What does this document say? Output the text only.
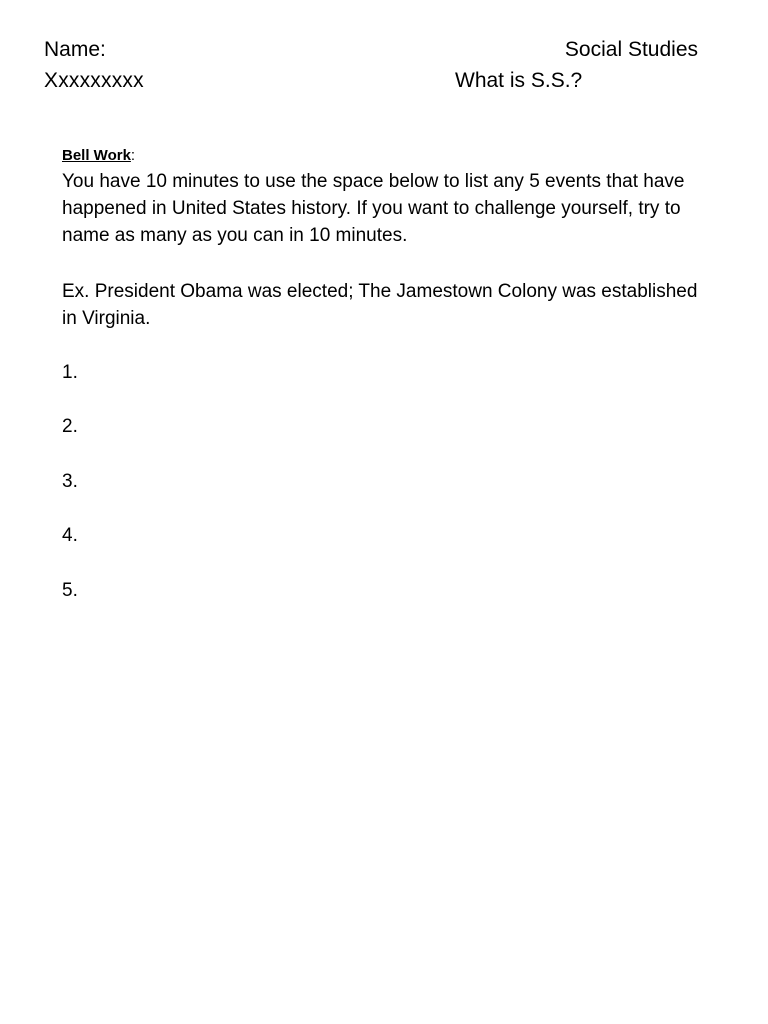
Name:
Xxxxxxxxx
Social Studies
What is S.S.?
Bell Work:
You have 10 minutes to use the space below to list any 5 events that have happened in United States history. If you want to challenge yourself, try to name as many as you can in 10 minutes.
Ex. President Obama was elected; The Jamestown Colony was established in Virginia.
1.
2.
3.
4.
5.
